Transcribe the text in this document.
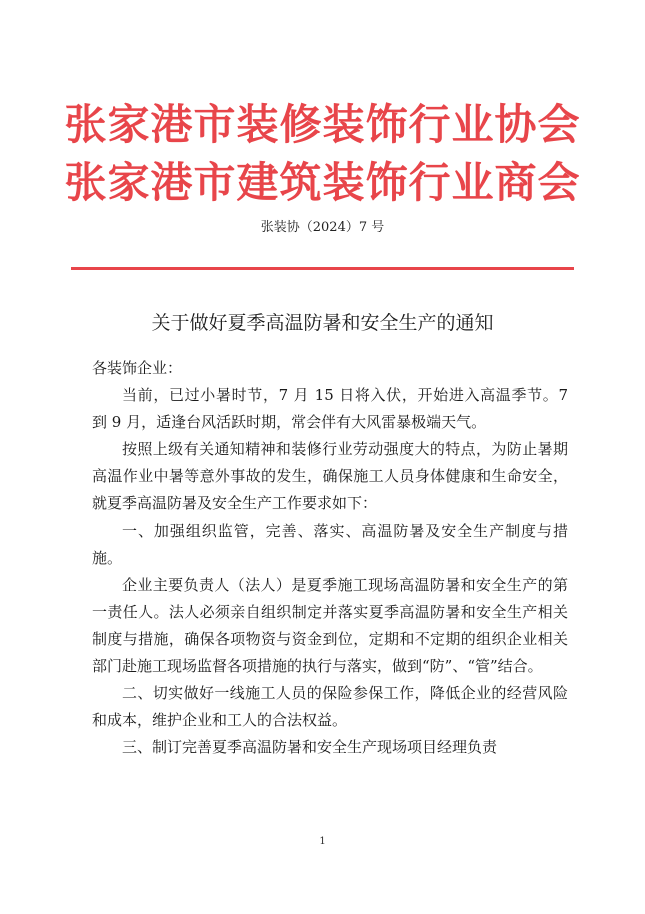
张家港市装修装饰行业协会
张家港市建筑装饰行业商会
张装协（2024）7 号
关于做好夏季高温防暑和安全生产的通知

各装饰企业：

当前，已过小暑时节，7 月 15 日将入伏，开始进入高温季节。7 到 9 月，适逢台风活跃时期，常会伴有大风雷暴极端天气。

按照上级有关通知精神和装修行业劳动强度大的特点，为防止暑期高温作业中暑等意外事故的发生，确保施工人员身体健康和生命安全，就夏季高温防暑及安全生产工作要求如下：

一、加强组织监管，完善、落实、高温防暑及安全生产制度与措施。

企业主要负责人（法人）是夏季施工现场高温防暑和安全生产的第一责任人。法人必须亲自组织制定并落实夏季高温防暑和安全生产相关制度与措施，确保各项物资与资金到位，定期和不定期的组织企业相关部门赴施工现场监督各项措施的执行与落实，做到“防”、“管”结合。

二、切实做好一线施工人员的保险参保工作，降低企业的经营风险和成本，维护企业和工人的合法权益。

三、制订完善夏季高温防暑和安全生产现场项目经理负责

1
